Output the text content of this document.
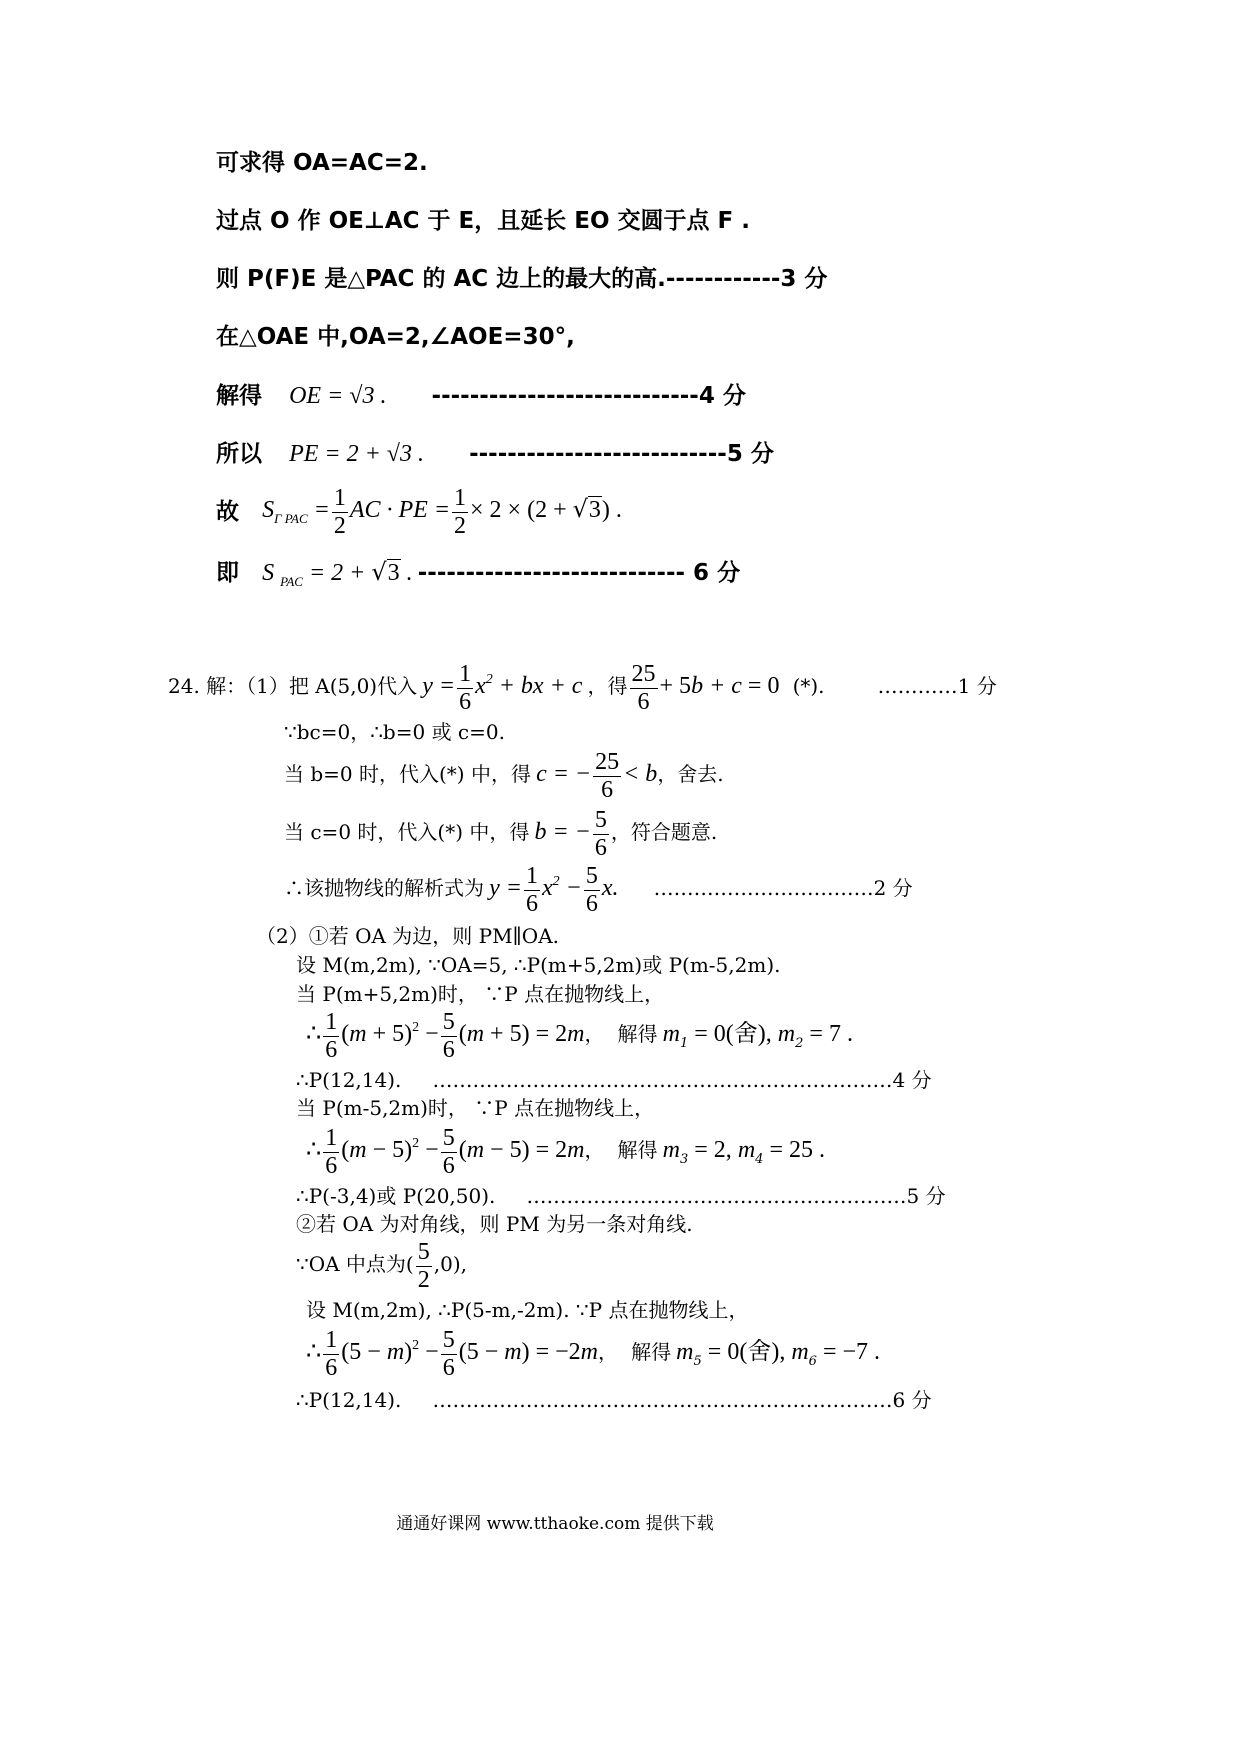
可求得 OA=AC=2.
过点 O 作 OE⊥AC 于 E，且延长 EO 交圆于点 F .
则 P(F)E 是△PAC 的 AC 边上的最大的高.------------3 分
在△OAE 中,OA=2,∠AOE=30°,
解得 OE = √3 . ----------------------------4 分
所以 PE = 2 + √3 . ---------------------------5 分
故 $S_{\Gamma PAC} = \frac{1}{2}$ AC · PE = $\frac{1}{2} \times 2 \times (2 + √3)$ .
即 S $_{PAC}$ = 2 + √3 . ---------------------------- 6 分
24. 解：（1）把 A(5,0)代入 $y = \frac{1}{6} x^2$ + bx + c ，得 $\frac{25}{6} + 5b + c = 0$ (*).	…………1 分
∵bc=0，∴b=0 或 c=0.
当 b=0 时，代入(*) 中，得 c = − $\frac{25}{6} < b$，舍去.
当 c=0 时，代入(*) 中，得 b = − $\frac{5}{6}$ ，符合题意.
∴该抛物线的解析式为 $y = \frac{1}{6} x^2 - \frac{5}{6} x$. ……………………………2 分
（2）①若 OA 为边，则 PM∥OA.
设 M(m,2m), ∵OA=5, ∴P(m+5,2m)或 P(m-5,2m).
当 P(m+5,2m)时， ∵P 点在抛物线上，
∴ $\frac{1}{6} (m + 5)^2 - \frac{5}{6} (m + 5) = 2m$， 解得 $m_1 = 0$(舍), $m_2 = 7$ .
∴P(12,14). ……………………………………………………………4 分
当 P(m-5,2m)时， ∵P 点在抛物线上，
∴ $\frac{1}{6} (m - 5)^2 - \frac{5}{6} (m - 5) = 2m$， 解得 $m_3 = 2$, $m_4 = 25$ .
∴P(-3,4)或 P(20,50). …………………………………………………5 分
②若 OA 为对角线，则 PM 为另一条对角线.
∵OA 中点为( $\frac{5}{2} ,0$),
设 M(m,2m), ∴P(5-m,-2m). ∵P 点在抛物线上，
∴ $\frac{1}{6} (5 - m)^2 - \frac{5}{6} (5 - m) = -2m$， 解得 $m_5 = 0$(舍), $m_6 = -7$ .
∴P(12,14). ……………………………………………………………6 分
通通好课网 www.tthaoke.com 提供下载
